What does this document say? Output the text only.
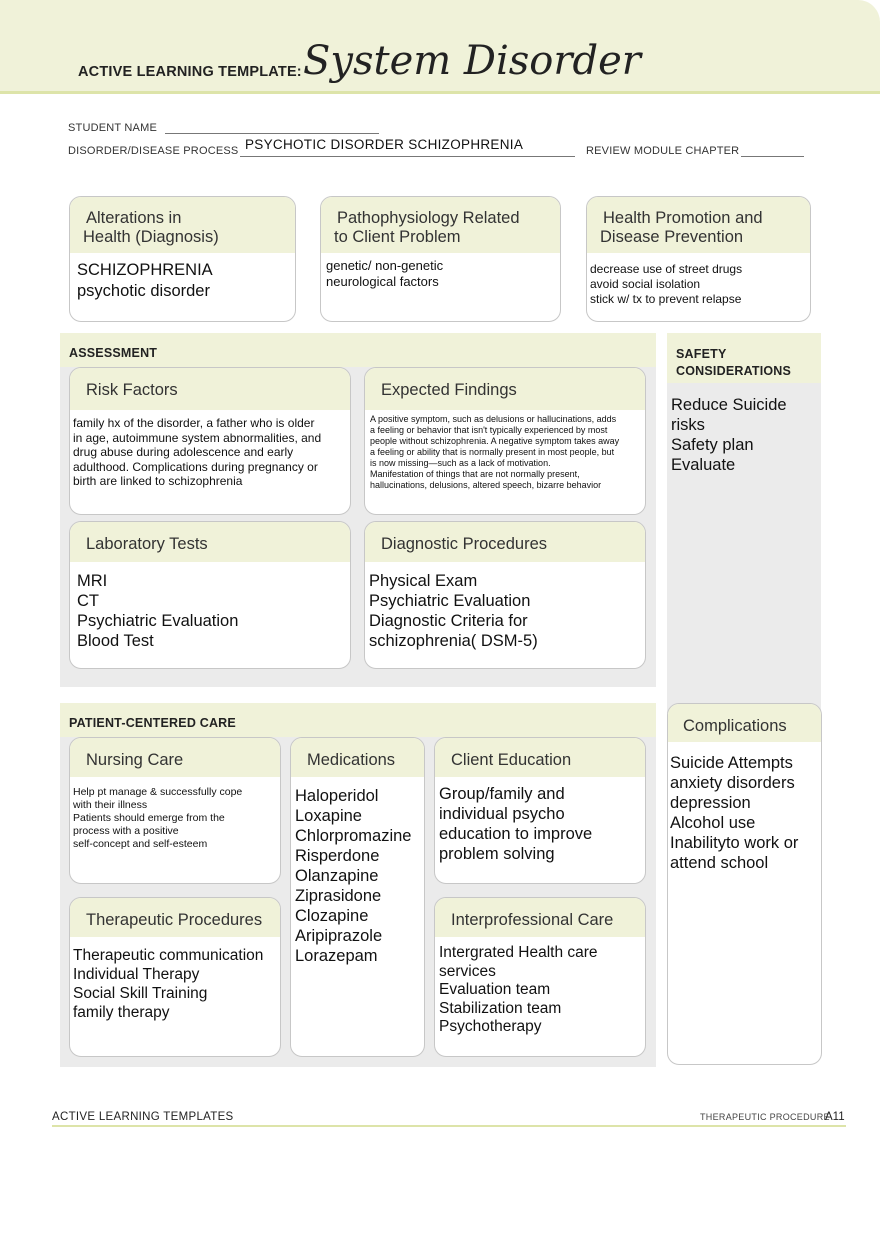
ACTIVE LEARNING TEMPLATE: System Disorder
STUDENT NAME
DISORDER/DISEASE PROCESS PSYCHOTIC DISORDER SCHIZOPHRENIA	REVIEW MODULE CHAPTER
Alterations in
Health (Diagnosis)
SCHIZOPHRENIA
psychotic disorder
Pathophysiology Related
to Client Problem
genetic/ non-genetic
neurological factors
Health Promotion and
Disease Prevention
decrease use of street drugs
avoid social isolation
stick w/ tx to prevent relapse
ASSESSMENT	SAFETY
CONSIDERATIONS
Reduce Suicide
risks
Safety plan
Evaluate
Risk Factors
family hx of the disorder, a father who is older
in age, autoimmune system abnormalities, and
drug abuse during adolescence and early
adulthood. Complications during pregnancy or
birth are linked to schizophrenia
Expected Findings
A positive symptom, such as delusions or hallucinations, adds
a feeling or behavior that isn't typically experienced by most
people without schizophrenia. A negative symptom takes away
a feeling or ability that is normally present in most people, but
is now missing—such as a lack of motivation.
Manifestation of things that are not normally present,
hallucinations, delusions, altered speech, bizarre behavior
Laboratory Tests
MRI
CT
Psychiatric Evaluation
Blood Test
Diagnostic Procedures
Physical Exam
Psychiatric Evaluation
Diagnostic Criteria for
schizophrenia( DSM-5)
PATIENT-CENTERED CARE
Nursing Care
Help pt manage & successfully cope
with their illness
Patients should emerge from the
process with a positive
self-concept and self-esteem
Medications
Haloperidol
Loxapine
Chlorpromazine
Risperdone
Olanzapine
Ziprasidone
Clozapine
Aripiprazole
Lorazepam
Client Education
Group/family and
individual psycho
education to improve
problem solving
Therapeutic Procedures
Therapeutic communication
Individual Therapy
Social Skill Training
family therapy
Interprofessional Care
Intergrated Health care
services
Evaluation team
Stabilization team
Psychotherapy
Complications
Suicide Attempts
anxiety disorders
depression
Alcohol use
Inabilityto work or
attend school
ACTIVE LEARNING TEMPLATES	THERAPEUTIC PROCEDURE
A11
